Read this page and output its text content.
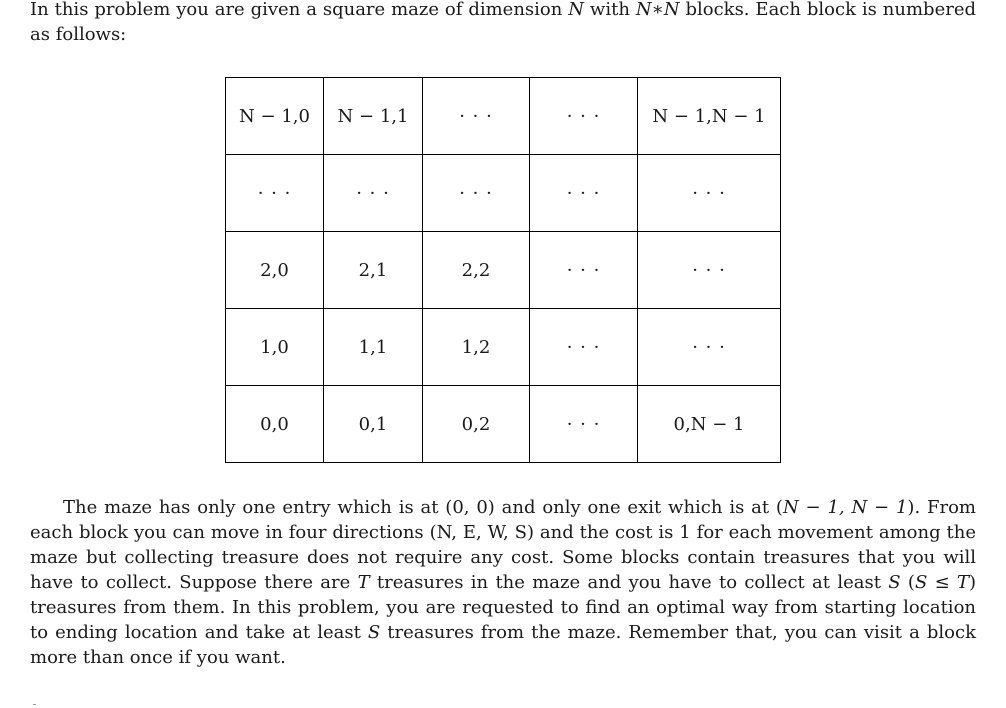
In this problem you are given a square maze of dimension N with N∗N blocks. Each block is numbered as follows:

N − 1,0	N − 1,1	· · ·	· · ·	N − 1,N − 1
· · ·	· · ·	· · ·	· · ·	· · ·
2,0	2,1	2,2	· · ·	· · ·
1,0	1,1	1,2	· · ·	· · ·
0,0	0,1	0,2	· · ·	0,N − 1

The maze has only one entry which is at (0, 0) and only one exit which is at (N − 1, N − 1). From each block you can move in four directions (N, E, W, S) and the cost is 1 for each movement among the maze but collecting treasure does not require any cost. Some blocks contain treasures that you will have to collect. Suppose there are T treasures in the maze and you have to collect at least S (S ≤ T) treasures from them. In this problem, you are requested to find an optimal way from starting location to ending location and take at least S treasures from the maze. Remember that, you can visit a block more than once if you want.
